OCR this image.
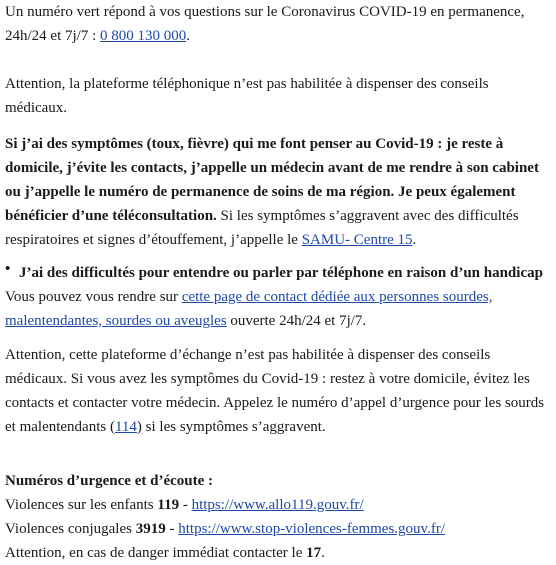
Un numéro vert répond à vos questions sur le Coronavirus COVID-19 en permanence, 24h/24 et 7j/7 : 0 800 130 000.

Attention, la plateforme téléphonique n’est pas habilitée à dispenser des conseils médicaux.

Si j’ai des symptômes (toux, fièvre) qui me font penser au Covid-19 : je reste à domicile, j’évite les contacts, j’appelle un médecin avant de me rendre à son cabinet ou j’appelle le numéro de permanence de soins de ma région. Je peux également bénéficier d’une téléconsultation. Si les symptômes s’aggravent avec des difficultés respiratoires et signes d’étouffement, j’appelle le SAMU- Centre 15.

• J’ai des difficultés pour entendre ou parler par téléphone en raison d’un handicap

Vous pouvez vous rendre sur cette page de contact dédiée aux personnes sourdes, malentendantes, sourdes ou aveugles ouverte 24h/24 et 7j/7.

Attention, cette plateforme d’échange n’est pas habilitée à dispenser des conseils médicaux. Si vous avez les symptômes du Covid-19 : restez à votre domicile, évitez les contacts et contacter votre médecin. Appelez le numéro d’appel d’urgence pour les sourds et malentendants (114) si les symptômes s’aggravent.

Numéros d’urgence et d’écoute :

Violences sur les enfants 119 - https://www.allo119.gouv.fr/

Violences conjugales 3919 - https://www.stop-violences-femmes.gouv.fr/

Attention, en cas de danger immédiat contacter le 17.
